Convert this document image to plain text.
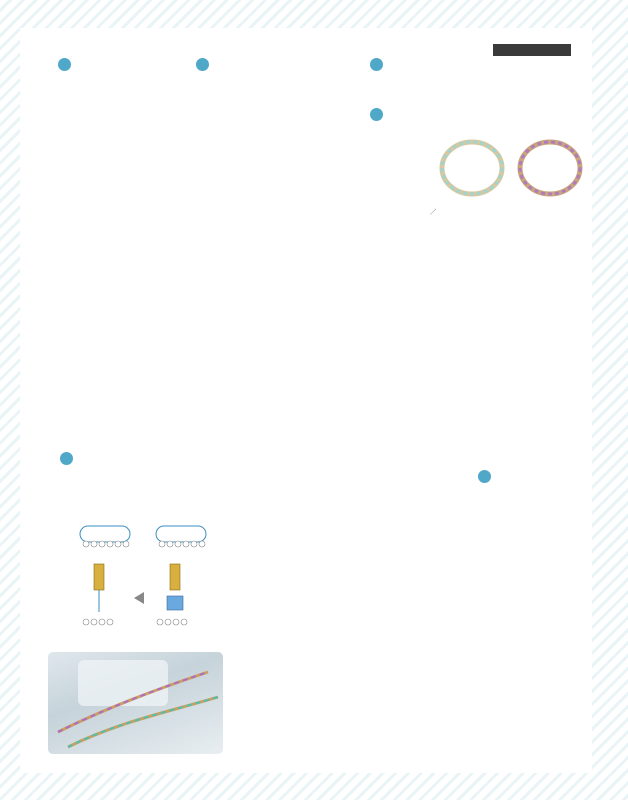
／
